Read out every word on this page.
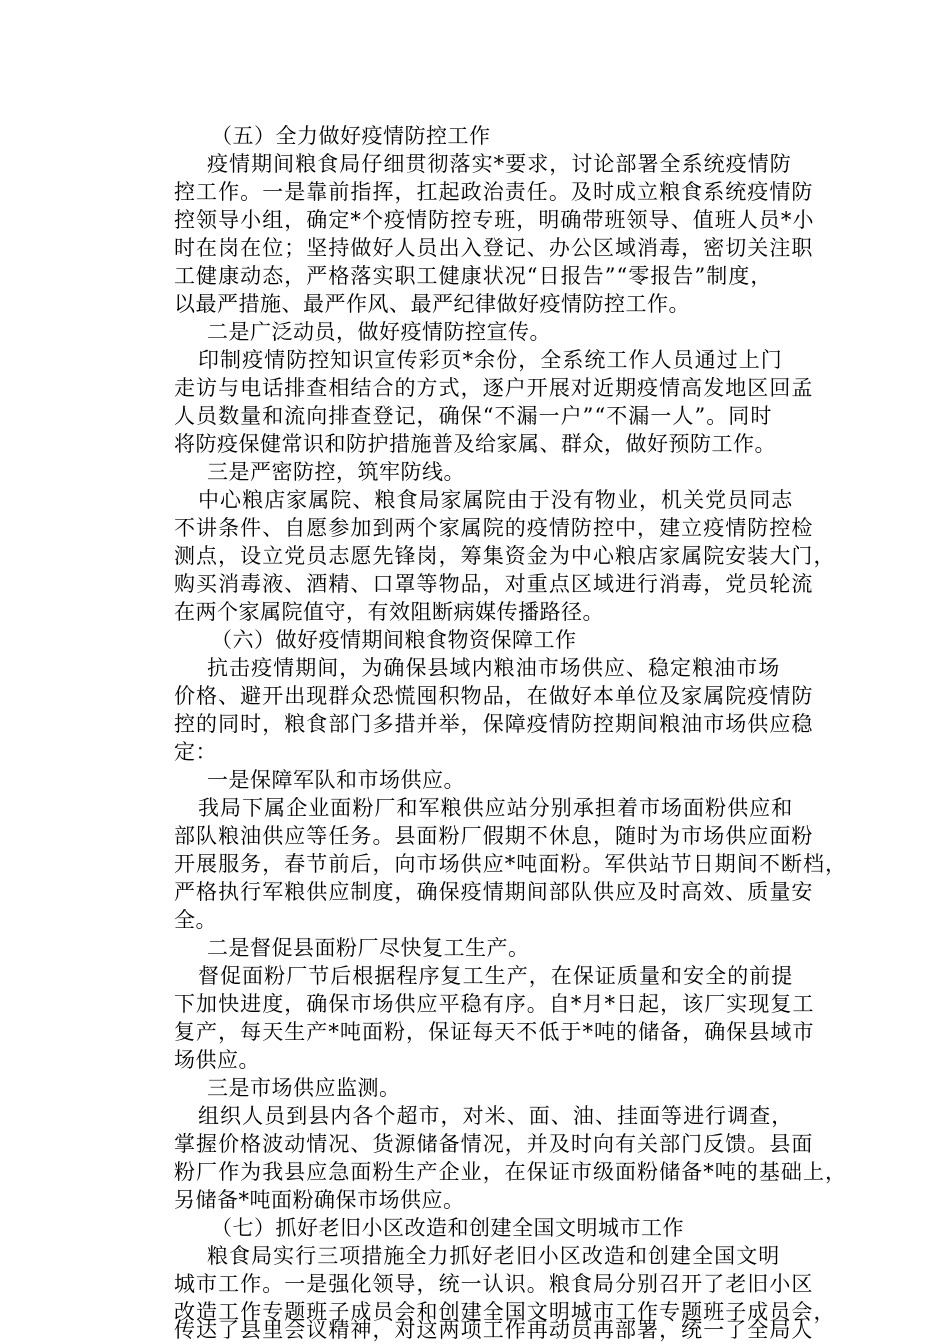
（五）全力做好疫情防控工作
疫情期间粮食局仔细贯彻落实*要求，讨论部署全系统疫情防
控工作。一是靠前指挥，扛起政治责任。及时成立粮食系统疫情防
控领导小组，确定*个疫情防控专班，明确带班领导、值班人员*小
时在岗在位；坚持做好人员出入登记、办公区域消毒，密切关注职
工健康动态，严格落实职工健康状况“日报告”“零报告”制度，
以最严措施、最严作风、最严纪律做好疫情防控工作。
二是广泛动员，做好疫情防控宣传。
印制疫情防控知识宣传彩页*余份，全系统工作人员通过上门
走访与电话排查相结合的方式，逐户开展对近期疫情高发地区回孟
人员数量和流向排查登记，确保“不漏一户”“不漏一人”。同时
将防疫保健常识和防护措施普及给家属、群众，做好预防工作。
三是严密防控，筑牢防线。
中心粮店家属院、粮食局家属院由于没有物业，机关党员同志
不讲条件、自愿参加到两个家属院的疫情防控中，建立疫情防控检
测点，设立党员志愿先锋岗，筹集资金为中心粮店家属院安装大门，
购买消毒液、酒精、口罩等物品，对重点区域进行消毒，党员轮流
在两个家属院值守，有效阻断病媒传播路径。
（六）做好疫情期间粮食物资保障工作
抗击疫情期间，为确保县域内粮油市场供应、稳定粮油市场
价格、避开出现群众恐慌囤积物品，在做好本单位及家属院疫情防
控的同时，粮食部门多措并举，保障疫情防控期间粮油市场供应稳
定：
一是保障军队和市场供应。
我局下属企业面粉厂和军粮供应站分别承担着市场面粉供应和
部队粮油供应等任务。县面粉厂假期不休息，随时为市场供应面粉
开展服务，春节前后，向市场供应*吨面粉。军供站节日期间不断档，
严格执行军粮供应制度，确保疫情期间部队供应及时高效、质量安
全。
二是督促县面粉厂尽快复工生产。
督促面粉厂节后根据程序复工生产，在保证质量和安全的前提
下加快进度，确保市场供应平稳有序。自*月*日起，该厂实现复工
复产，每天生产*吨面粉，保证每天不低于*吨的储备，确保县域市
场供应。
三是市场供应监测。
组织人员到县内各个超市，对米、面、油、挂面等进行调查，
掌握价格波动情况、货源储备情况，并及时向有关部门反馈。县面
粉厂作为我县应急面粉生产企业，在保证市级面粉储备*吨的基础上，
另储备*吨面粉确保市场供应。
（七）抓好老旧小区改造和创建全国文明城市工作
粮食局实行三项措施全力抓好老旧小区改造和创建全国文明
城市工作。一是强化领导，统一认识。粮食局分别召开了老旧小区
改造工作专题班子成员会和创建全国文明城市工作专题班子成员会，
传达了县里会议精神，对这两项工作再动员再部署，统一了全局人
